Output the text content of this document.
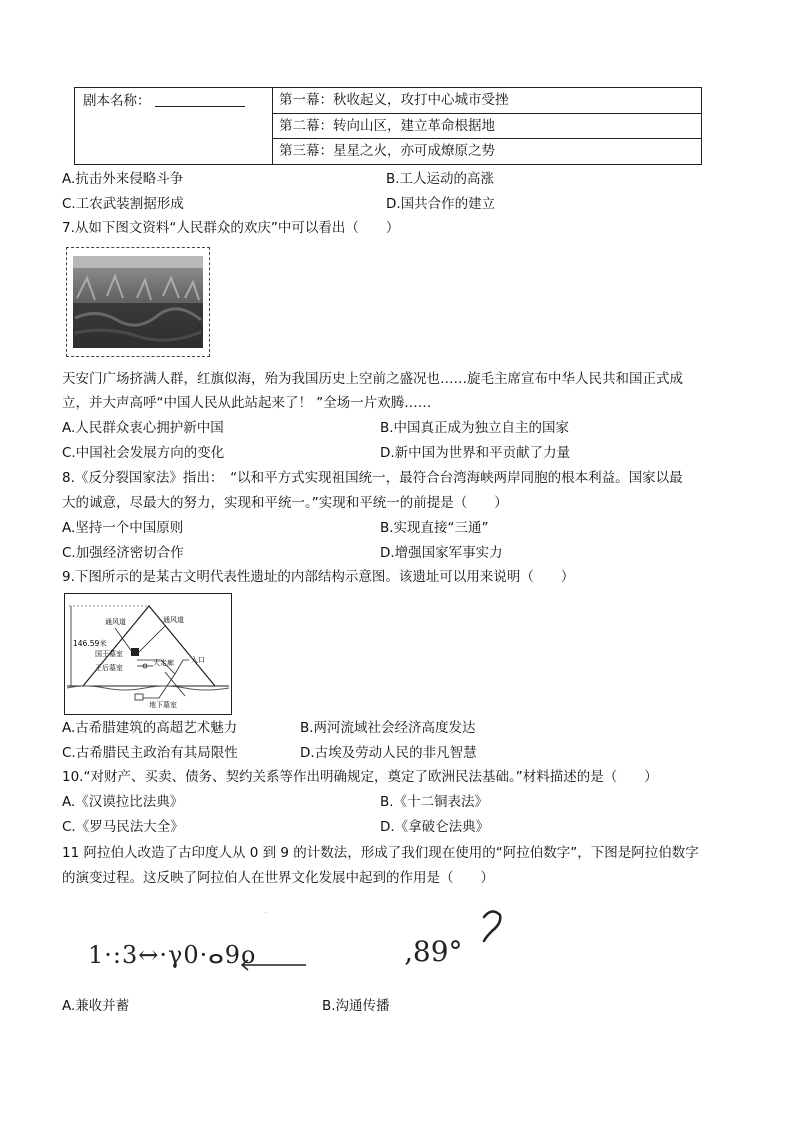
剧本名称：	第一幕：秋收起义，攻打中心城市受挫
第二幕：转向山区，建立革命根据地
第三幕：星星之火，亦可成燎原之势
A.抗击外来侵略斗争	B.工人运动的高涨
C.工农武装割据形成	D.国共合作的建立
7.从如下图文资料“人民群众的欢庆”中可以看出（　　）
天安门广场挤满人群，红旗似海，殆为我国历史上空前之盛况也……旋毛主席宣布中华人民共和国正式成
立，并大声高呼“中国人民从此站起来了！ ”全场一片欢腾……
A.人民群众衷心拥护新中国	B.中国真正成为独立自主的国家
C.中国社会发展方向的变化	D.新中国为世界和平贡献了力量
8.《反分裂国家法》指出：　“以和平方式实现祖国统一，最符合台湾海峡两岸同胞的根本利益。国家以最
大的诚意，尽最大的努力，实现和平统一。”实现和平统一的前提是（　　）
A.坚持一个中国原则	B.实现直接“三通”
C.加强经济密切合作	D.增强国家军事实力
9.下图所示的是某古文明代表性遗址的内部结构示意图。该遗址可以用来说明（　　）
146.59米
通风道	通风道
国王墓室
王后墓室
大走廊 入口
地下墓室
A.古希腊建筑的高超艺术魅力	B.两河流域社会经济高度发达
C.古希腊民主政治有其局限性	D.古埃及劳动人民的非凡智慧
10.“对财产、买卖、债务、契约关系等作出明确规定，奠定了欧洲民法基础。”材料描述的是（　　）
A.《汉谟拉比法典》	B.《十二铜表法》
C.《罗马民法大全》	D.《拿破仑法典》
11 阿拉伯人改造了古印度人从 0 到 9 的计数法，形成了我们现在使用的“阿拉伯数字”，下图是阿拉伯数字
的演变过程。这反映了阿拉伯人在世界文化发展中起到的作用是（　　）
1·:3↔·γ0·ⴰ9ο
·
‚89°
A.兼收并蓄	B.沟通传播
